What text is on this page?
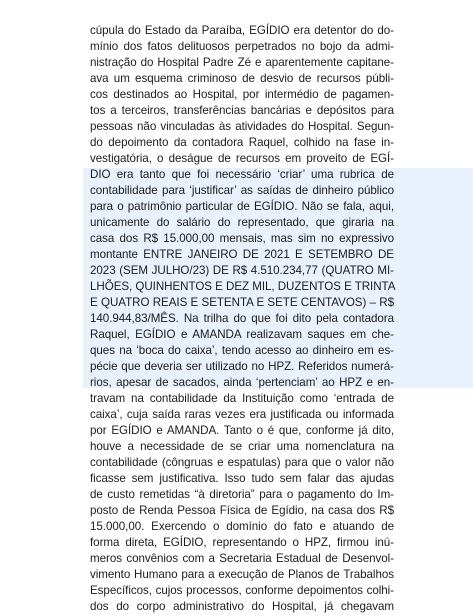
cúpula do Estado da Paraíba, EGÍDIO era detentor do do-
mínio dos fatos delituosos perpetrados no bojo da admi-
nistração do Hospital Padre Zé e aparentemente capitane-
ava um esquema criminoso de desvio de recursos públi-
cos destinados ao Hospital, por intermédio de pagamen-
tos a terceiros, transferências bancárias e depósitos para
pessoas não vinculadas às atividades do Hospital. Segun-
do depoimento da contadora Raquel, colhido na fase in-
vestigatória, o deságue de recursos em proveito de EGÍ-
DIO era tanto que foi necessário ‘criar’ uma rubrica de
contabilidade para ‘justificar’ as saídas de dinheiro público
para o patrimônio particular de EGÍDIO. Não se fala, aqui,
unicamente do salário do representado, que giraria na
casa dos R$ 15.000,00 mensais, mas sim no expressivo
montante ENTRE JANEIRO DE 2021 E SETEMBRO DE
2023 (SEM JULHO/23) DE R$ 4.510.234,77 (QUATRO MI-
LHÕES, QUINHENTOS E DEZ MIL, DUZENTOS E TRINTA
E QUATRO REAIS E SETENTA E SETE CENTAVOS) – R$
140.944,83/MÊS. Na trilha do que foi dito pela contadora
Raquel, EGÍDIO e AMANDA realizavam saques em che-
ques na ‘boca do caixa’, tendo acesso ao dinheiro em es-
pécie que deveria ser utilizado no HPZ. Referidos numerá-
rios, apesar de sacados, ainda ‘pertenciam’ ao HPZ e en-
travam na contabilidade da Instituição como ‘entrada de
caixa’, cuja saída raras vezes era justificada ou informada
por EGÍDIO e AMANDA. Tanto o é que, conforme já dito,
houve a necessidade de se criar uma nomenclatura na
contabilidade (côngruas e espatulas) para que o valor não
ficasse sem justificativa. Isso tudo sem falar das ajudas
de custo remetidas “à diretoria” para o pagamento do Im-
posto de Renda Pessoa Física de Egídio, na casa dos R$
15.000,00. Exercendo o domínio do fato e atuando de
forma direta, EGÍDIO, representando o HPZ, firmou inú-
meros convênios com a Secretaria Estadual de Desenvol-
vimento Humano para a execução de Planos de Trabalhos
Específicos, cujos processos, conforme depoimentos colhi-
dos do corpo administrativo do Hospital, já chegavam
